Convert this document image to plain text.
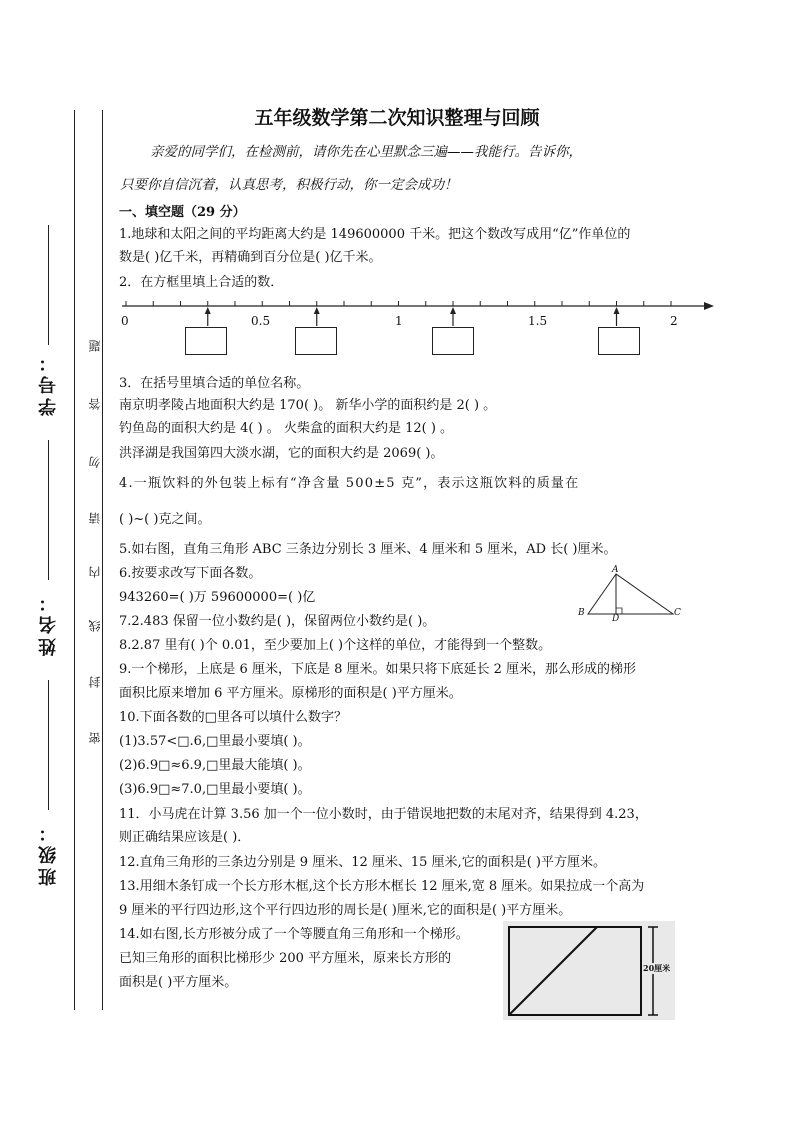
学号：
姓名：
班级：
题
答
勿
请
内
线
封
密
五年级数学第二次知识整理与回顾
亲爱的同学们，在检测前，请你先在心里默念三遍——我能行。告诉你，
只要你自信沉着，认真思考，积极行动，你一定会成功！
一、填空题（29 分）
1.地球和太阳之间的平均距离大约是 149600000 千米。把这个数改写成用“亿”作单位的
数是( )亿千米，再精确到百分位是( )亿千米。
2．在方框里填上合适的数．
0	0.5	1	1.5	2
3．在括号里填合适的单位名称。
南京明孝陵占地面积大约是 170( )。 新华小学的面积约是 2( ) 。
钓鱼岛的面积大约是 4( ) 。 火柴盒的面积大约是 12( ) 。
洪泽湖是我国第四大淡水湖，它的面积大约是 2069( )。
4.一瓶饮料的外包装上标有“净含量 500±5 克”，表示这瓶饮料的质量在
( )~( )克之间。
5.如右图，直角三角形 ABC 三条边分别长 3 厘米、4 厘米和 5 厘米，AD 长( )厘米。
6.按要求改写下面各数。
943260=( )万 59600000=( )亿
7.2.483 保留一位小数约是( )，保留两位小数约是( )。
A
B	C
D
8.2.87 里有( )个 0.01，至少要加上( )个这样的单位，才能得到一个整数。
9.一个梯形，上底是 6 厘米，下底是 8 厘米。如果只将下底延长 2 厘米，那么形成的梯形
面积比原来增加 6 平方厘米。原梯形的面积是( )平方厘米。
10.下面各数的□里各可以填什么数字？
(1)3.57<□.6,□里最小要填( )。
(2)6.9□≈6.9,□里最大能填( )。
(3)6.9□≈7.0,□里最小要填( )。
11．小马虎在计算 3.56 加一个一位小数时，由于错误地把数的末尾对齐，结果得到 4.23，
则正确结果应该是( )．
12.直角三角形的三条边分别是 9 厘米、12 厘米、15 厘米,它的面积是( )平方厘米。
13.用细木条钉成一个长方形木框,这个长方形木框长 12 厘米,宽 8 厘米。如果拉成一个高为
9 厘米的平行四边形,这个平行四边形的周长是( )厘米,它的面积是( )平方厘米。
14.如右图,长方形被分成了一个等腰直角三角形和一个梯形。
已知三角形的面积比梯形少 200 平方厘米，原来长方形的
面积是( )平方厘米。
20厘米
